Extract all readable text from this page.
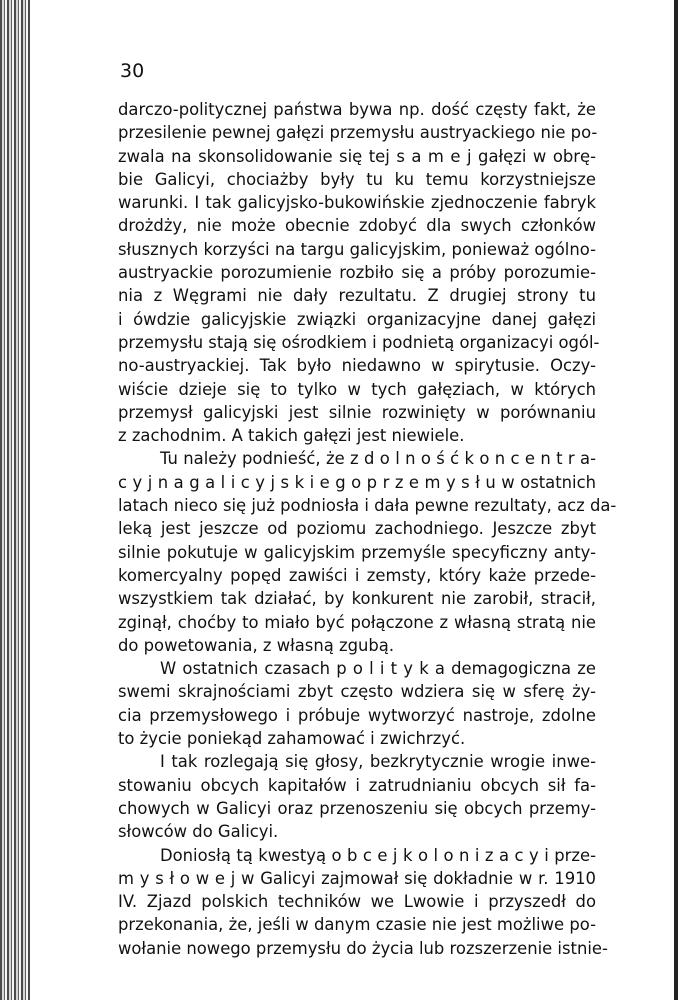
30
darczo-politycznej państwa bywa np. dość częsty fakt, że
przesilenie pewnej gałęzi przemysłu austryackiego nie po-
zwala na skonsolidowanie się tej s a m e j gałęzi w obrę-
bie Galicyi, chociażby były tu ku temu korzystniejsze
warunki. I tak galicyjsko-bukowińskie zjednoczenie fabryk
drożdży, nie może obecnie zdobyć dla swych członków
słusznych korzyści na targu galicyjskim, ponieważ ogólno-
austryackie porozumienie rozbiło się a próby porozumie-
nia z Węgrami nie dały rezultatu. Z drugiej strony tu
i ówdzie galicyjskie związki organizacyjne danej gałęzi
przemysłu stają się ośrodkiem i podnietą organizacyi ogól-
no-austryackiej. Tak było niedawno w spirytusie. Oczy-
wiście dzieje się to tylko w tych gałęziach, w których
przemysł galicyjski jest silnie rozwinięty w porównaniu
z zachodnim. A takich gałęzi jest niewiele.
Tu należy podnieść, że z d o l n o ś ć k o n c e n t r a-
c y j n a g a l i c y j s k i e g o p r z e m y s ł u w ostatnich
latach nieco się już podniosła i dała pewne rezultaty, acz da-
leką jest jeszcze od poziomu zachodniego. Jeszcze zbyt
silnie pokutuje w galicyjskim przemyśle specyficzny anty-
komercyalny popęd zawiści i zemsty, który każe przede-
wszystkiem tak działać, by konkurent nie zarobił, stracił,
zginął, choćby to miało być połączone z własną stratą nie
do powetowania, z własną zgubą.
W ostatnich czasach p o l i t y k a demagogiczna ze
swemi skrajnościami zbyt często wdziera się w sferę ży-
cia przemysłowego i próbuje wytworzyć nastroje, zdolne
to życie poniekąd zahamować i zwichrzyć.
I tak rozlegają się głosy, bezkrytycznie wrogie inwe-
stowaniu obcych kapitałów i zatrudnianiu obcych sił fa-
chowych w Galicyi oraz przenoszeniu się obcych przemy-
słowców do Galicyi.
Doniosłą tą kwestyą o b c e j k o l o n i z a c y i prze-
m y s ł o w e j w Galicyi zajmował się dokładnie w r. 1910
IV. Zjazd polskich techników we Lwowie i przyszedł do
przekonania, że, jeśli w danym czasie nie jest możliwe po-
wołanie nowego przemysłu do życia lub rozszerzenie istnie-
